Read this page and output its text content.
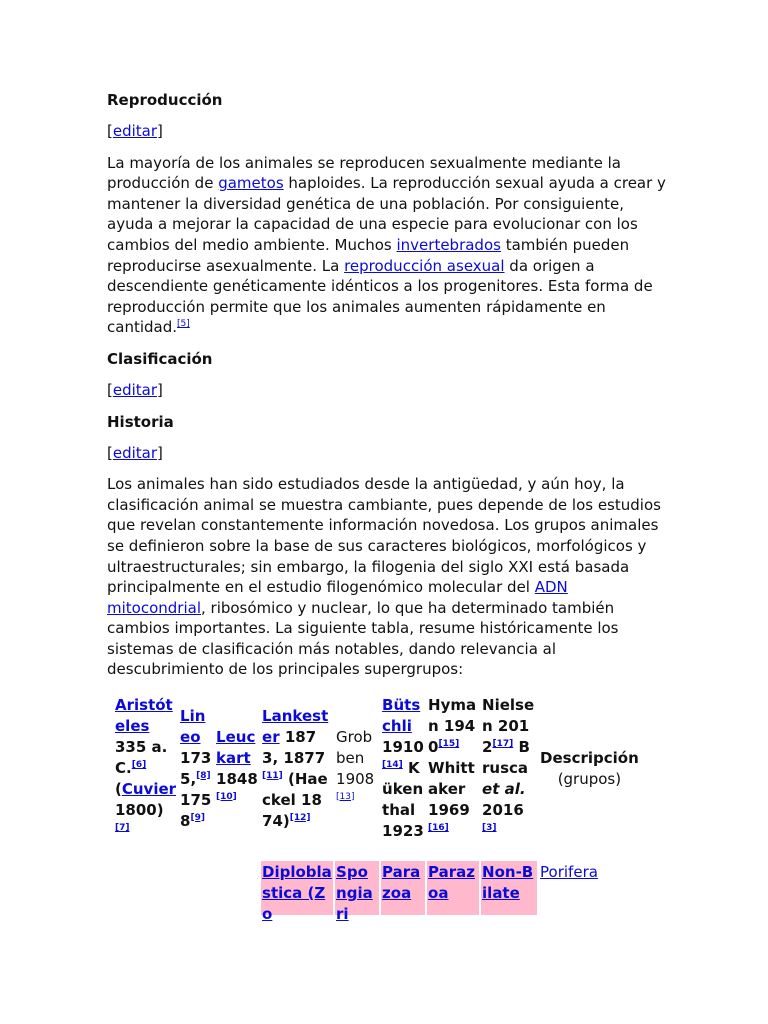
Reproducción

[editar]

La mayoría de los animales se reproducen sexualmente mediante la producción de gametos haploides. La reproducción sexual ayuda a crear y mantener la diversidad genética de una población. Por consiguiente, ayuda a mejorar la capacidad de una especie para evolucionar con los cambios del medio ambiente. Muchos invertebrados también pueden reproducirse asexualmente. La reproducción asexual da origen a descendiente genéticamente idénticos a los progenitores. Esta forma de reproducción permite que los animales aumenten rápidamente en cantidad.[5]

Clasificación

[editar]

Historia

[editar]

Los animales han sido estudiados desde la antigüedad, y aún hoy, la clasificación animal se muestra cambiante, pues depende de los estudios que revelan constantemente información novedosa. Los grupos animales se definieron sobre la base de sus caracteres biológicos, morfológicos y ultraestructurales; sin embargo, la filogenia del siglo XXI está basada principalmente en el estudio filogenómico molecular del ADN mitocondrial, ribosómico y nuclear, lo que ha determinado también cambios importantes. La siguiente tabla, resume históricamente los sistemas de clasificación más notables, dando relevancia al descubrimiento de los principales supergrupos:

Aristóteles 335 a. C.[6] (Cuvier 1800)[7]	Lineo 1735,[8] 1758[9]	Leuckart 1848[10]	Lankester 1873, 1877[11] (Haeckel 1874)[12]	Grobben 1908[13]	Bütschli 1910[14] Kükenthal 1923	Hyman 1940[15] Whittaker 1969[16]	Nielsen 2012[17] Brusca et al. 2016[3]	Descripción
(grupos)

			Diploblastica (Zo	Spongiari	Parazoa	Parazoa	Non-Bilate	Porifera
